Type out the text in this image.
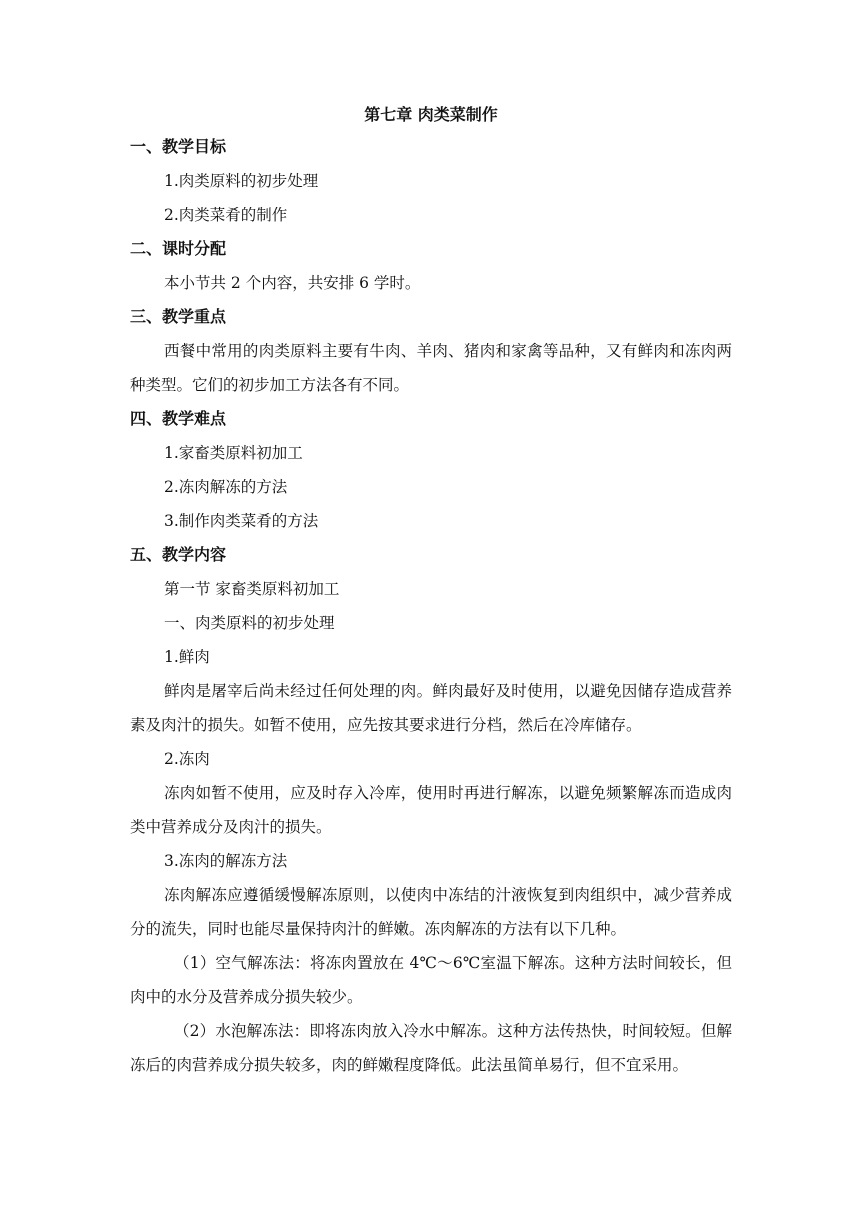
第七章 肉类菜制作

一、教学目标

1.肉类原料的初步处理

2.肉类菜肴的制作

二、课时分配

本小节共 2 个内容，共安排 6 学时。

三、教学重点

西餐中常用的肉类原料主要有牛肉、羊肉、猪肉和家禽等品种，又有鲜肉和冻肉两种类型。它们的初步加工方法各有不同。

四、教学难点

1.家畜类原料初加工

2.冻肉解冻的方法

3.制作肉类菜肴的方法

五、教学内容

第一节 家畜类原料初加工

一、肉类原料的初步处理

1.鲜肉

鲜肉是屠宰后尚未经过任何处理的肉。鲜肉最好及时使用，以避免因储存造成营养素及肉汁的损失。如暂不使用，应先按其要求进行分档，然后在冷库储存。

2.冻肉

冻肉如暂不使用，应及时存入冷库，使用时再进行解冻，以避免频繁解冻而造成肉类中营养成分及肉汁的损失。

3.冻肉的解冻方法

冻肉解冻应遵循缓慢解冻原则，以使肉中冻结的汁液恢复到肉组织中，减少营养成分的流失，同时也能尽量保持肉汁的鲜嫩。冻肉解冻的方法有以下几种。

（1）空气解冻法：将冻肉置放在 4℃～6℃室温下解冻。这种方法时间较长，但肉中的水分及营养成分损失较少。

（2）水泡解冻法：即将冻肉放入冷水中解冻。这种方法传热快，时间较短。但解冻后的肉营养成分损失较多，肉的鲜嫩程度降低。此法虽简单易行，但不宜采用。
